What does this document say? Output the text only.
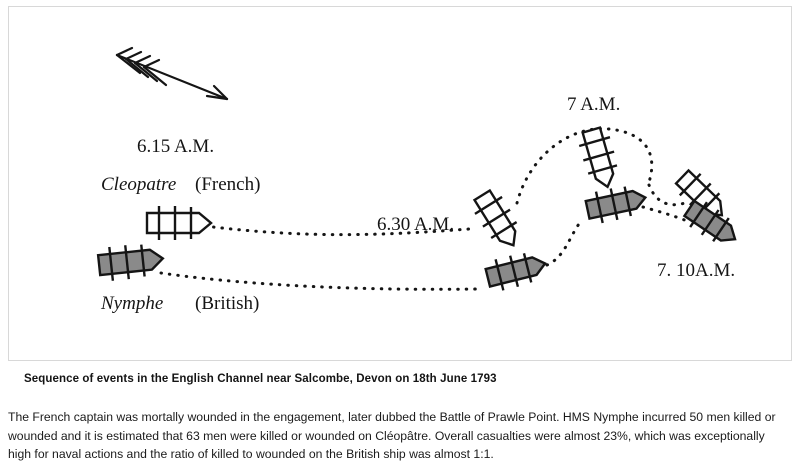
6.15 A.M.
6.30 A.M.
7 A.M.
7. 10A.M.
Cleopatre (French)
Nymphe (British)
Sequence of events in the English Channel near Salcombe, Devon on 18th June 1793
The French captain was mortally wounded in the engagement, later dubbed the Battle of Prawle Point. HMS Nymphe incurred 50 men killed or wounded and it is estimated that 63 men were killed or wounded on Cléopâtre. Overall casualties were almost 23%, which was exceptionally high for naval actions and the ratio of killed to wounded on the British ship was almost 1:1.
